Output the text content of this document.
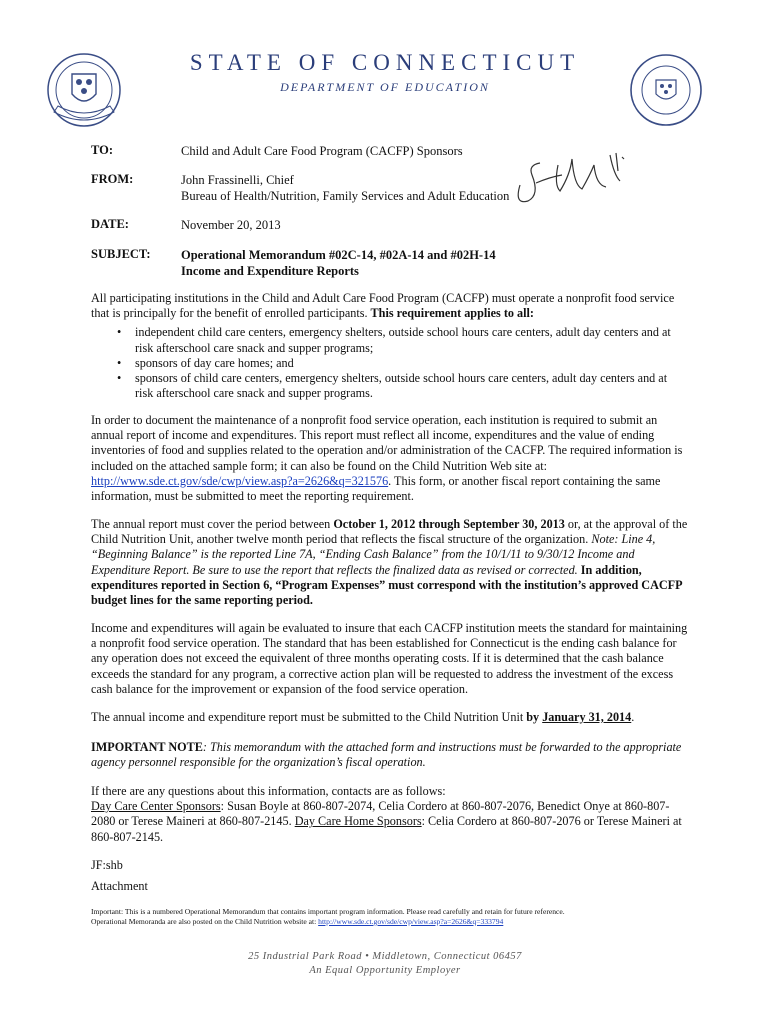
STATE OF CONNECTICUT
DEPARTMENT OF EDUCATION
TO:	Child and Adult Care Food Program (CACFP) Sponsors
FROM:	John Frassinelli, Chief
Bureau of Health/Nutrition, Family Services and Adult Education
DATE:	November 20, 2013
SUBJECT: Operational Memorandum #02C-14, #02A-14 and #02H-14
Income and Expenditure Reports

All participating institutions in the Child and Adult Care Food Program (CACFP) must operate a nonprofit food service that is principally for the benefit of enrolled participants. This requirement applies to all:

• independent child care centers, emergency shelters, outside school hours care centers, adult day centers and at risk afterschool care snack and supper programs;
• sponsors of day care homes; and
• sponsors of child care centers, emergency shelters, outside school hours care centers, adult day centers and at risk afterschool care snack and supper programs.

In order to document the maintenance of a nonprofit food service operation, each institution is required to submit an annual report of income and expenditures. This report must reflect all income, expenditures and the value of ending inventories of food and supplies related to the operation and/or administration of the CACFP. The required information is included on the attached sample form; it can also be found on the Child Nutrition Web site at: http://www.sde.ct.gov/sde/cwp/view.asp?a=2626&q=321576. This form, or another fiscal report containing the same information, must be submitted to meet the reporting requirement.

The annual report must cover the period between October 1, 2012 through September 30, 2013 or, at the approval of the Child Nutrition Unit, another twelve month period that reflects the fiscal structure of the organization. Note: Line 4, “Beginning Balance” is the reported Line 7A, “Ending Cash Balance” from the 10/1/11 to 9/30/12 Income and Expenditure Report. Be sure to use the report that reflects the finalized data as revised or corrected. In addition, expenditures reported in Section 6, “Program Expenses” must correspond with the institution’s approved CACFP budget lines for the same reporting period.

Income and expenditures will again be evaluated to insure that each CACFP institution meets the standard for maintaining a nonprofit food service operation. The standard that has been established for Connecticut is the ending cash balance for any operation does not exceed the equivalent of three months operating costs. If it is determined that the cash balance exceeds the standard for any program, a corrective action plan will be requested to address the investment of the excess cash balance for the improvement or expansion of the food service operation.

The annual income and expenditure report must be submitted to the Child Nutrition Unit by January 31, 2014.

IMPORTANT NOTE: This memorandum with the attached form and instructions must be forwarded to the appropriate agency personnel responsible for the organization’s fiscal operation.

If there are any questions about this information, contacts are as follows:
Day Care Center Sponsors: Susan Boyle at 860-807-2074, Celia Cordero at 860-807-2076, Benedict Onye at 860-807-2080 or Terese Maineri at 860-807-2145. Day Care Home Sponsors: Celia Cordero at 860-807-2076 or Terese Maineri at 860-807-2145.

JF:shb
Attachment
Important: This is a numbered Operational Memorandum that contains important program information. Please read carefully and retain for future reference.
Operational Memoranda are also posted on the Child Nutrition website at: http://www.sde.ct.gov/sde/cwp/view.asp?a=2626&q=333794
25 Industrial Park Road • Middletown, Connecticut 06457
An Equal Opportunity Employer
